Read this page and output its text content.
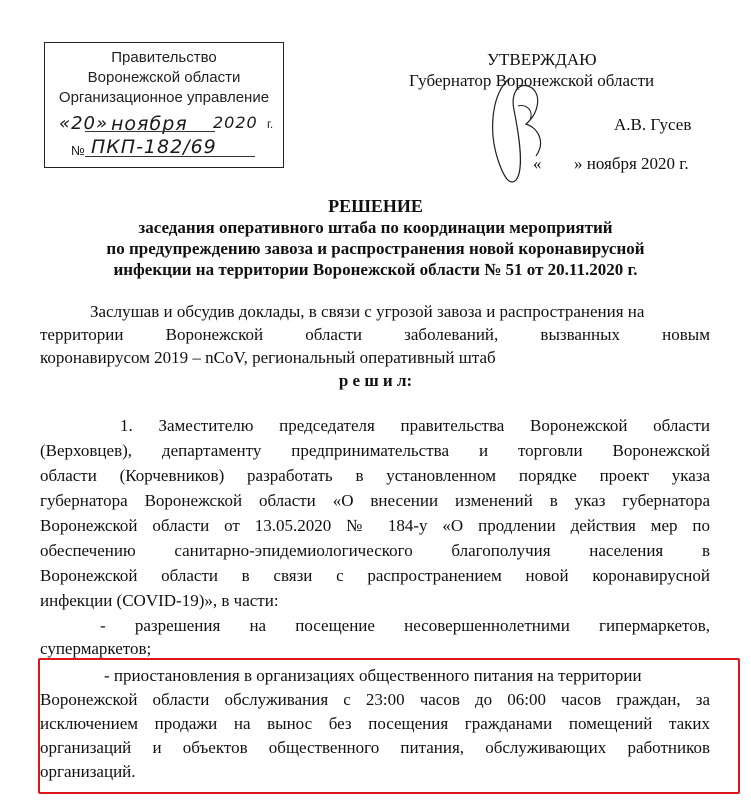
Правительство
Воронежской области
Организационное управление
«20» ноября 2020 г.
№ ПКП-182/69
УТВЕРЖДАЮ
Губернатор Воронежской области
А.В. Гусев
« » ноября 2020 г.
РЕШЕНИЕ
заседания оперативного штаба по координации мероприятий
по предупреждению завоза и распространения новой коронавирусной
инфекции на территории Воронежской области № 51 от 20.11.2020 г.
Заслушав и обсудив доклады, в связи с угрозой завоза и распространения на
территории Воронежской области заболеваний, вызванных новым
коронавирусом 2019 – nCoV, региональный оперативный штаб
р е ш и л:
1. Заместителю председателя правительства Воронежской области
(Верховцев), департаменту предпринимательства и торговли Воронежской
области (Корчевников) разработать в установленном порядке проект указа
губернатора Воронежской области «О внесении изменений в указ губернатора
Воронежской области от 13.05.2020 № 184-у «О продлении действия мер по
обеспечению санитарно-эпидемиологического благополучия населения в
Воронежской области в связи с распространением новой коронавирусной
инфекции (COVID-19)», в части:
- разрешения на посещение несовершеннолетними гипермаркетов,
супермаркетов;
- приостановления в организациях общественного питания на территории
Воронежской области обслуживания с 23:00 часов до 06:00 часов граждан, за
исключением продажи на вынос без посещения гражданами помещений таких
организаций и объектов общественного питания, обслуживающих работников
организаций.
